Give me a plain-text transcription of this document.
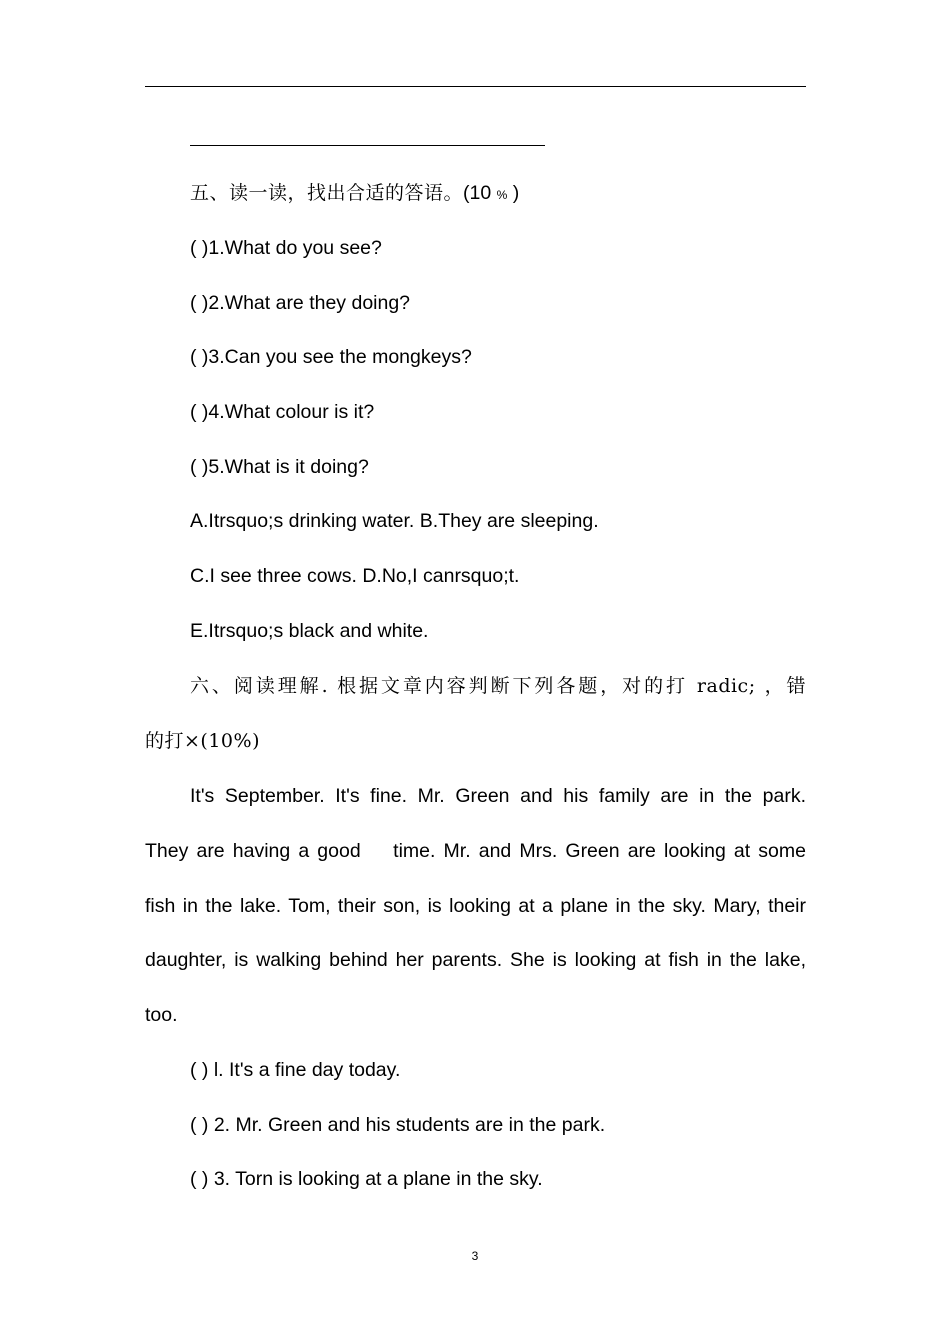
五、读一读，找出合适的答语。(10 % )
( )1.What do you see?
( )2.What are they doing?
( )3.Can you see the mongkeys?
( )4.What colour is it?
( )5.What is it doing?
A.Itrsquo;s drinking water. B.They are sleeping.
C.I see three cows. D.No,I canrsquo;t.
E.Itrsquo;s black and white.
六、阅读理解. 根据文章内容判断下列各题，对的打 radic; ，错
的打×(10%)
It's September. It's fine. Mr. Green and his family are in the park.
They are having a good    time. Mr. and Mrs. Green are looking at some
fish in the lake. Tom, their son, is looking at a plane in the sky. Mary, their
daughter, is walking behind her parents. She is looking at fish in the lake,
too.
( ) l. It's a fine day today.
( ) 2. Mr. Green and his students are in the park.
( ) 3. Torn is looking at a plane in the sky.
3
